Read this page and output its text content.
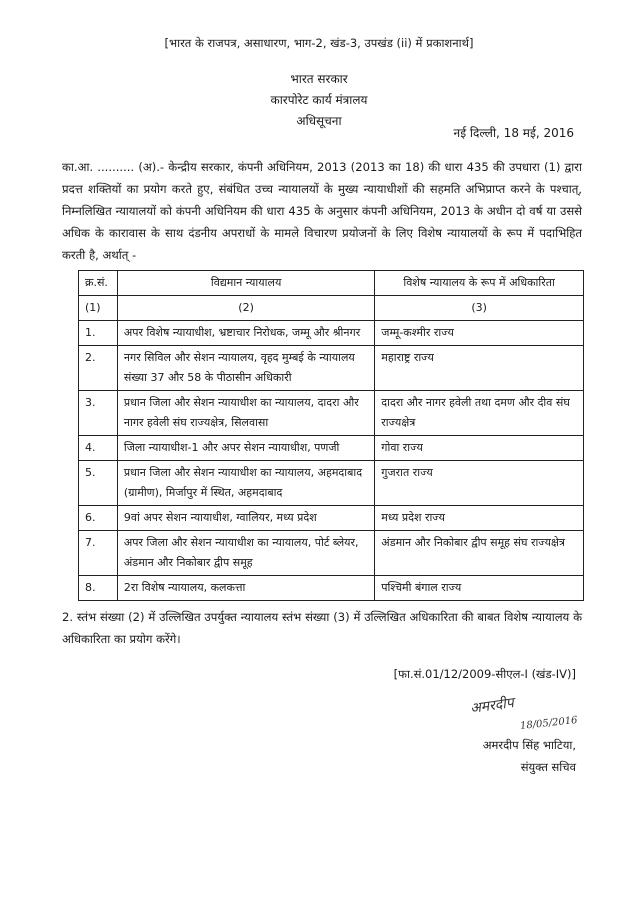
[भारत के राजपत्र, असाधारण, भाग-2, खंड-3, उपखंड (ii) में प्रकाशनार्थ]
भारत सरकार
कारपोरेट कार्य मंत्रालय
अधिसूचना
नई दिल्ली, 18 मई, 2016
का.आ. .......... (अ).- केन्द्रीय सरकार, कंपनी अधिनियम, 2013 (2013 का 18) की धारा 435 की उपधारा (1) द्वारा प्रदत्त शक्तियों का प्रयोग करते हुए, संबंधित उच्च न्यायालयों के मुख्य न्यायाधीशों की सहमति अभिप्राप्त करने के पश्चात्, निम्नलिखित न्यायालयों को कंपनी अधिनियम की धारा 435 के अनुसार कंपनी अधिनियम, 2013 के अधीन दो वर्ष या उससे अधिक के कारावास के साथ दंडनीय अपराधों के मामले विचारण प्रयोजनों के लिए विशेष न्यायालयों के रूप में पदाभिहित करती है, अर्थात् -
क्र.सं.	विद्यमान न्यायालय	विशेष न्यायालय के रूप में अधिकारिता
(1)	(2)	(3)
1.	अपर विशेष न्यायाधीश, भ्रष्टाचार निरोधक, जम्मू और श्रीनगर	जम्मू-कश्मीर राज्य
2.	नगर सिविल और सेशन न्यायालय, वृहद मुम्बई के न्यायालय संख्या 37 और 58 के पीठासीन अधिकारी	महाराष्ट्र राज्य
3.	प्रधान जिला और सेशन न्यायाधीश का न्यायालय, दादरा और नागर हवेली संघ राज्यक्षेत्र, सिलवासा	दादरा और नागर हवेली तथा दमण और दीव संघ राज्यक्षेत्र
4.	जिला न्यायाधीश-1 और अपर सेशन न्यायाधीश, पणजी	गोवा राज्य
5.	प्रधान जिला और सेशन न्यायाधीश का न्यायालय, अहमदाबाद (ग्रामीण), मिर्जापुर में स्थित, अहमदाबाद	गुजरात राज्य
6.	9वां अपर सेशन न्यायाधीश, ग्वालियर, मध्य प्रदेश	मध्य प्रदेश राज्य
7.	अपर जिला और सेशन न्यायाधीश का न्यायालय, पोर्ट ब्लेयर, अंडमान और निकोबार द्वीप समूह	अंडमान और निकोबार द्वीप समूह संघ राज्यक्षेत्र
8.	2रा विशेष न्यायालय, कलकत्ता	पश्चिमी बंगाल राज्य
2. स्तंभ संख्या (2) में उल्लिखित उपर्युक्त न्यायालय स्तंभ संख्या (3) में उल्लिखित अधिकारिता की बाबत विशेष न्यायालय के अधिकारिता का प्रयोग करेंगे।
[फा.सं.01/12/2009-सीएल-I (खंड-IV)]
अमरदीप
18/05/2016
अमरदीप सिंह भाटिया,
संयुक्त सचिव
